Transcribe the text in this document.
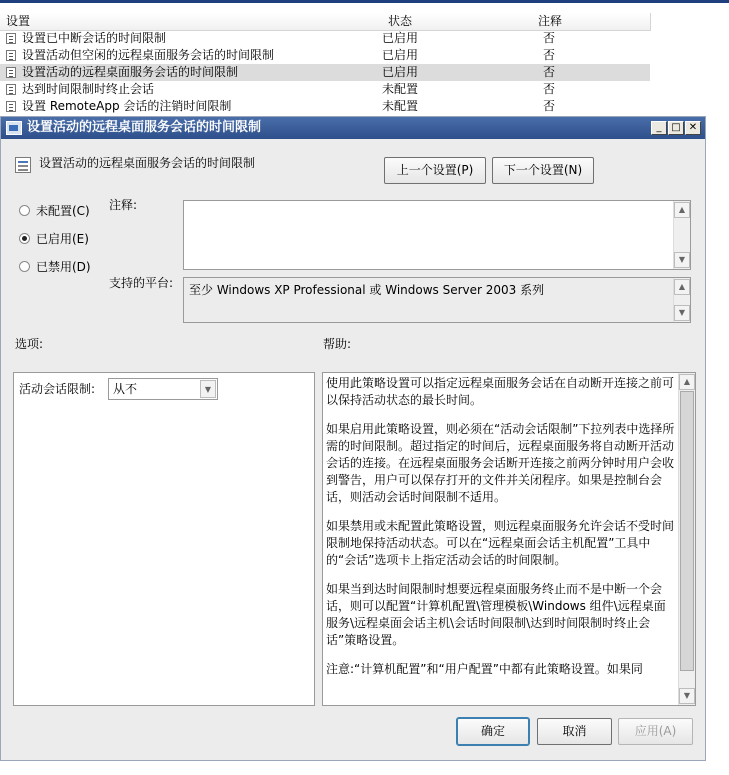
设置	状态	注释
设置已中断会话的时间限制	已启用	否
设置活动但空闲的远程桌面服务会话的时间限制	已启用	否
设置活动的远程桌面服务会话的时间限制	已启用	否
达到时间限制时终止会话	未配置	否
设置 RemoteApp 会话的注销时间限制	未配置	否
设置活动的远程桌面服务会话的时间限制	_ □ ✕
设置活动的远程桌面服务会话的时间限制	上一个设置(P)	下一个设置(N)
未配置(C)
已启用(E)
已禁用(D)
注释:	▲
▼
支持的平台: 至少 Windows XP Professional 或 Windows Server 2003 系列	▲
▼
选项:	帮助:
活动会话限制: 从不	▼	使用此策略设置可以指定远程桌面服务会话在自动断开连接之前可以保持活动状态的最长时间。

如果启用此策略设置，则必须在“活动会话限制”下拉列表中选择所需的时间限制。超过指定的时间后，远程桌面服务将自动断开活动会话的连接。在远程桌面服务会话断开连接之前两分钟时用户会收到警告，用户可以保存打开的文件并关闭程序。如果是控制台会话，则活动会话时间限制不适用。

如果禁用或未配置此策略设置，则远程桌面服务允许会话不受时间限制地保持活动状态。可以在“远程桌面会话主机配置”工具中的“会话”选项卡上指定活动会话的时间限制。

如果当到达时间限制时想要远程桌面服务终止而不是中断一个会话，则可以配置“计算机配置\管理模板\Windows 组件\远程桌面服务\远程桌面会话主机\会话时间限制\达到时间限制时终止会话”策略设置。

注意:“计算机配置”和“用户配置”中都有此策略设置。如果同

▲
▼
确定	取消	应用(A)
